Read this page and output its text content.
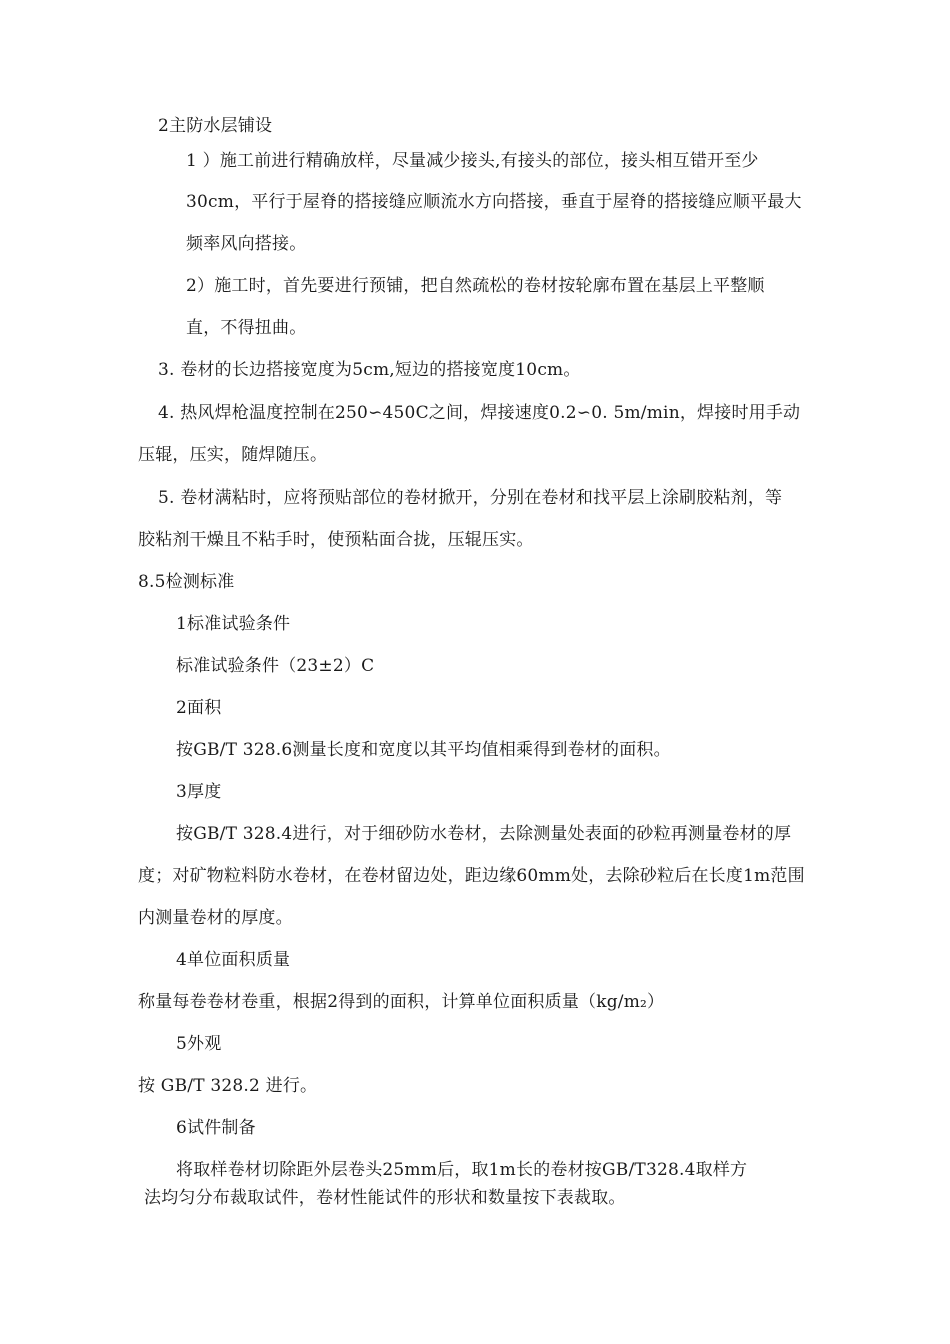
2主防水层铺设
1 ）施工前进行精确放样，尽量减少接头,有接头的部位，接头相互错开至少
30cm，平行于屋脊的搭接缝应顺流水方向搭接，垂直于屋脊的搭接缝应顺平最大
频率风向搭接。
2）施工时，首先要进行预铺，把自然疏松的卷材按轮廓布置在基层上平整顺
直，不得扭曲。
3. 卷材的长边搭接宽度为5cm,短边的搭接宽度10cm。
4. 热风焊枪温度控制在250∽450C之间，焊接速度0.2∽0. 5m/min，焊接时用手动
压辊，压实，随焊随压。
5. 卷材满粘时，应将预贴部位的卷材掀开，分别在卷材和找平层上涂刷胶粘剂，等
胶粘剂干燥且不粘手时，使预粘面合拢，压辊压实。
8.5检测标准
1标准试验条件
标准试验条件（23±2）C
2面积
按GB/T 328.6测量长度和宽度以其平均值相乘得到卷材的面积。
3厚度
按GB/T 328.4进行，对于细砂防水卷材，去除测量处表面的砂粒再测量卷材的厚
度；对矿物粒料防水卷材，在卷材留边处，距边缘60mm处，去除砂粒后在长度1m范围
内测量卷材的厚度。
4单位面积质量
称量每卷卷材卷重，根据2得到的面积，计算单位面积质量（kg/m₂）
5外观
按 GB/T 328.2 进行。
6试件制备
将取样卷材切除距外层卷头25mm后，取1m长的卷材按GB/T328.4取样方
法均匀分布裁取试件，卷材性能试件的形状和数量按下表裁取。
